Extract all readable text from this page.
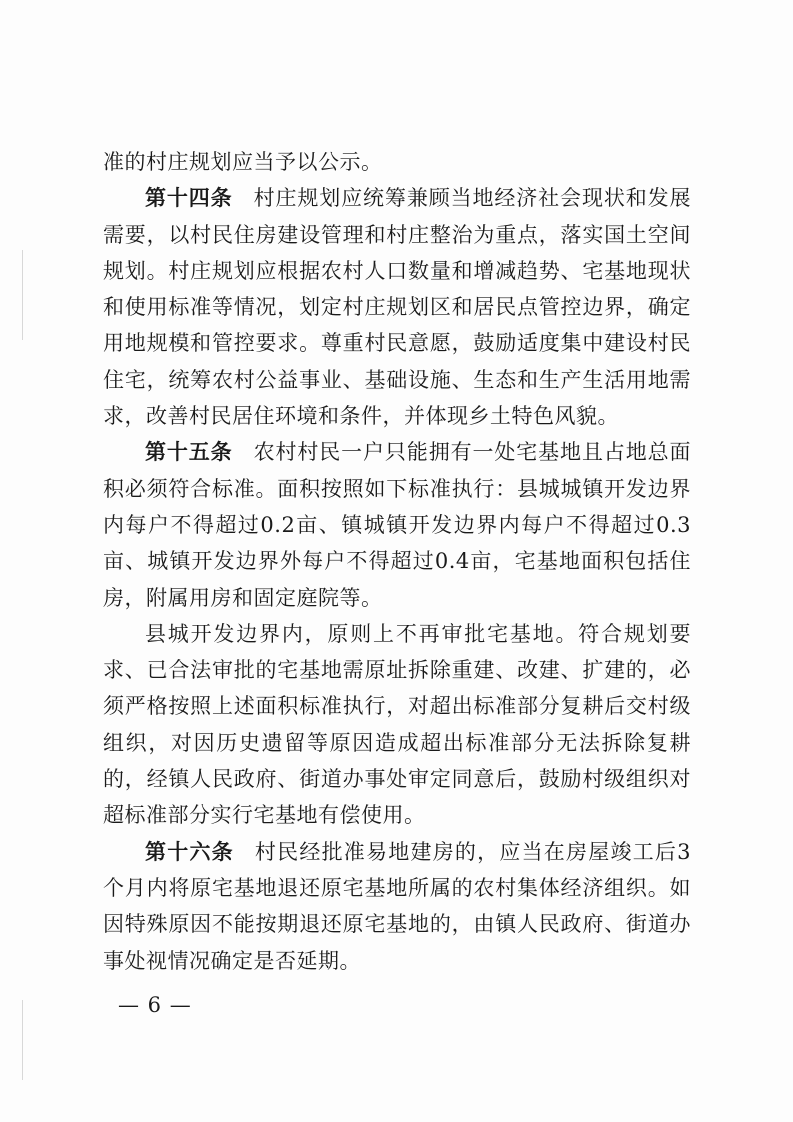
准的村庄规划应当予以公示。

第十四条 村庄规划应统筹兼顾当地经济社会现状和发展需要，以村民住房建设管理和村庄整治为重点，落实国土空间规划。村庄规划应根据农村人口数量和增减趋势、宅基地现状和使用标准等情况，划定村庄规划区和居民点管控边界，确定用地规模和管控要求。尊重村民意愿，鼓励适度集中建设村民住宅，统筹农村公益事业、基础设施、生态和生产生活用地需求，改善村民居住环境和条件，并体现乡土特色风貌。

第十五条 农村村民一户只能拥有一处宅基地且占地总面积必须符合标准。面积按照如下标准执行：县城城镇开发边界内每户不得超过0.2亩、镇城镇开发边界内每户不得超过0.3亩、城镇开发边界外每户不得超过0.4亩，宅基地面积包括住房，附属用房和固定庭院等。

县城开发边界内，原则上不再审批宅基地。符合规划要求、已合法审批的宅基地需原址拆除重建、改建、扩建的，必须严格按照上述面积标准执行，对超出标准部分复耕后交村级组织，对因历史遗留等原因造成超出标准部分无法拆除复耕的，经镇人民政府、街道办事处审定同意后，鼓励村级组织对超标准部分实行宅基地有偿使用。

第十六条 村民经批准易地建房的，应当在房屋竣工后3个月内将原宅基地退还原宅基地所属的农村集体经济组织。如因特殊原因不能按期退还原宅基地的，由镇人民政府、街道办事处视情况确定是否延期。

— 6 —
